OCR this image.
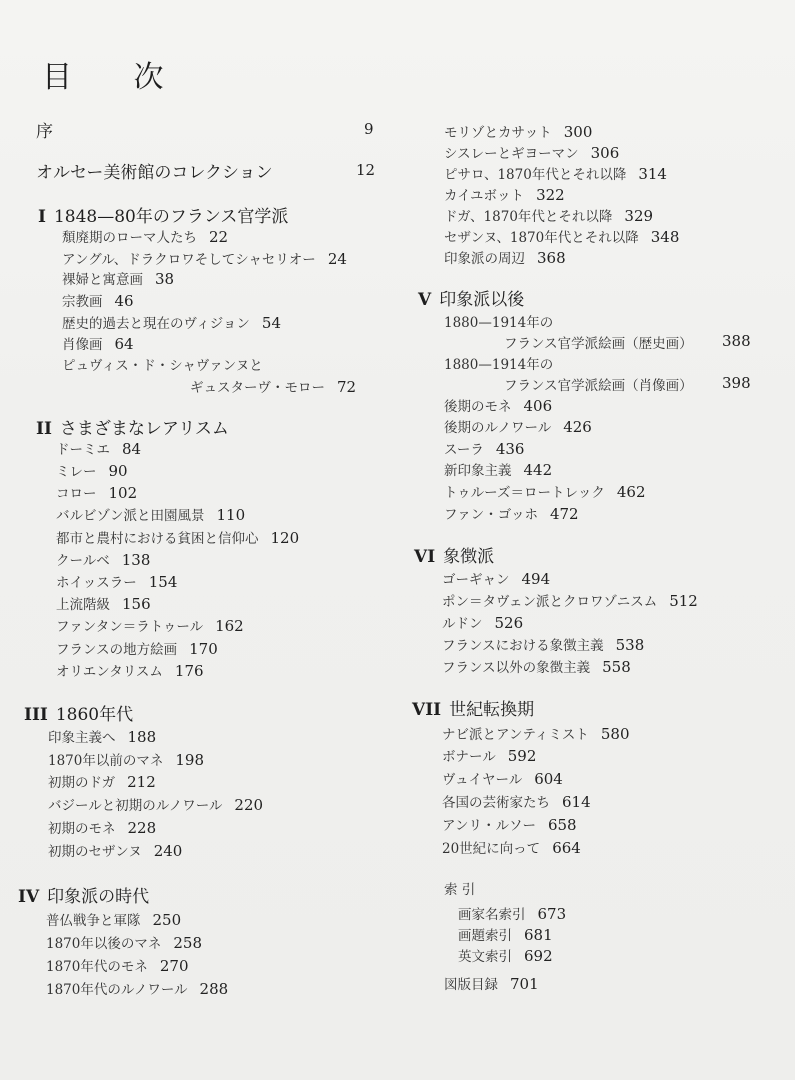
目 次
序	9
オルセー美術館のコレクション	12
I 1848—80年のフランス官学派
頽廃期のローマ人たち 22
アングル、ドラクロワそしてシャセリオー 24
裸婦と寓意画 38
宗教画 46
歴史的過去と現在のヴィジョン 54
肖像画 64
ピュヴィス・ド・シャヴァンヌと
ギュスターヴ・モロー 72
II さまざまなレアリスム
ドーミエ 84
ミレー 90
コロー 102
バルビゾン派と田園風景 110
都市と農村における貧困と信仰心 120
クールベ 138
ホイッスラー 154
上流階級 156
ファンタン＝ラトゥール 162
フランスの地方絵画 170
オリエンタリスム 176
III 1860年代
印象主義へ 188
1870年以前のマネ 198
初期のドガ 212
バジールと初期のルノワール 220
初期のモネ 228
初期のセザンヌ 240
IV 印象派の時代
普仏戦争と軍隊 250
1870年以後のマネ 258
1870年代のモネ 270
1870年代のルノワール 288
モリゾとカサット 300
シスレーとギヨーマン 306
ピサロ、1870年代とそれ以降 314
カイユボット 322
ドガ、1870年代とそれ以降 329
セザンヌ、1870年代とそれ以降 348
印象派の周辺 368
V 印象派以後
1880—1914年の
フランス官学派絵画（歴史画） 388
1880—1914年の
フランス官学派絵画（肖像画） 398
後期のモネ 406
後期のルノワール 426
スーラ 436
新印象主義 442
トゥルーズ＝ロートレック 462
ファン・ゴッホ 472
VI 象徴派
ゴーギャン 494
ポン＝タヴェン派とクロワゾニスム 512
ルドン 526
フランスにおける象徴主義 538
フランス以外の象徴主義 558
VII 世紀転換期
ナビ派とアンティミスト 580
ボナール 592
ヴュイヤール 604
各国の芸術家たち 614
アンリ・ルソー 658
20世紀に向って 664
索 引
画家名索引 673
画題索引 681
英文索引 692
図版目録 701
